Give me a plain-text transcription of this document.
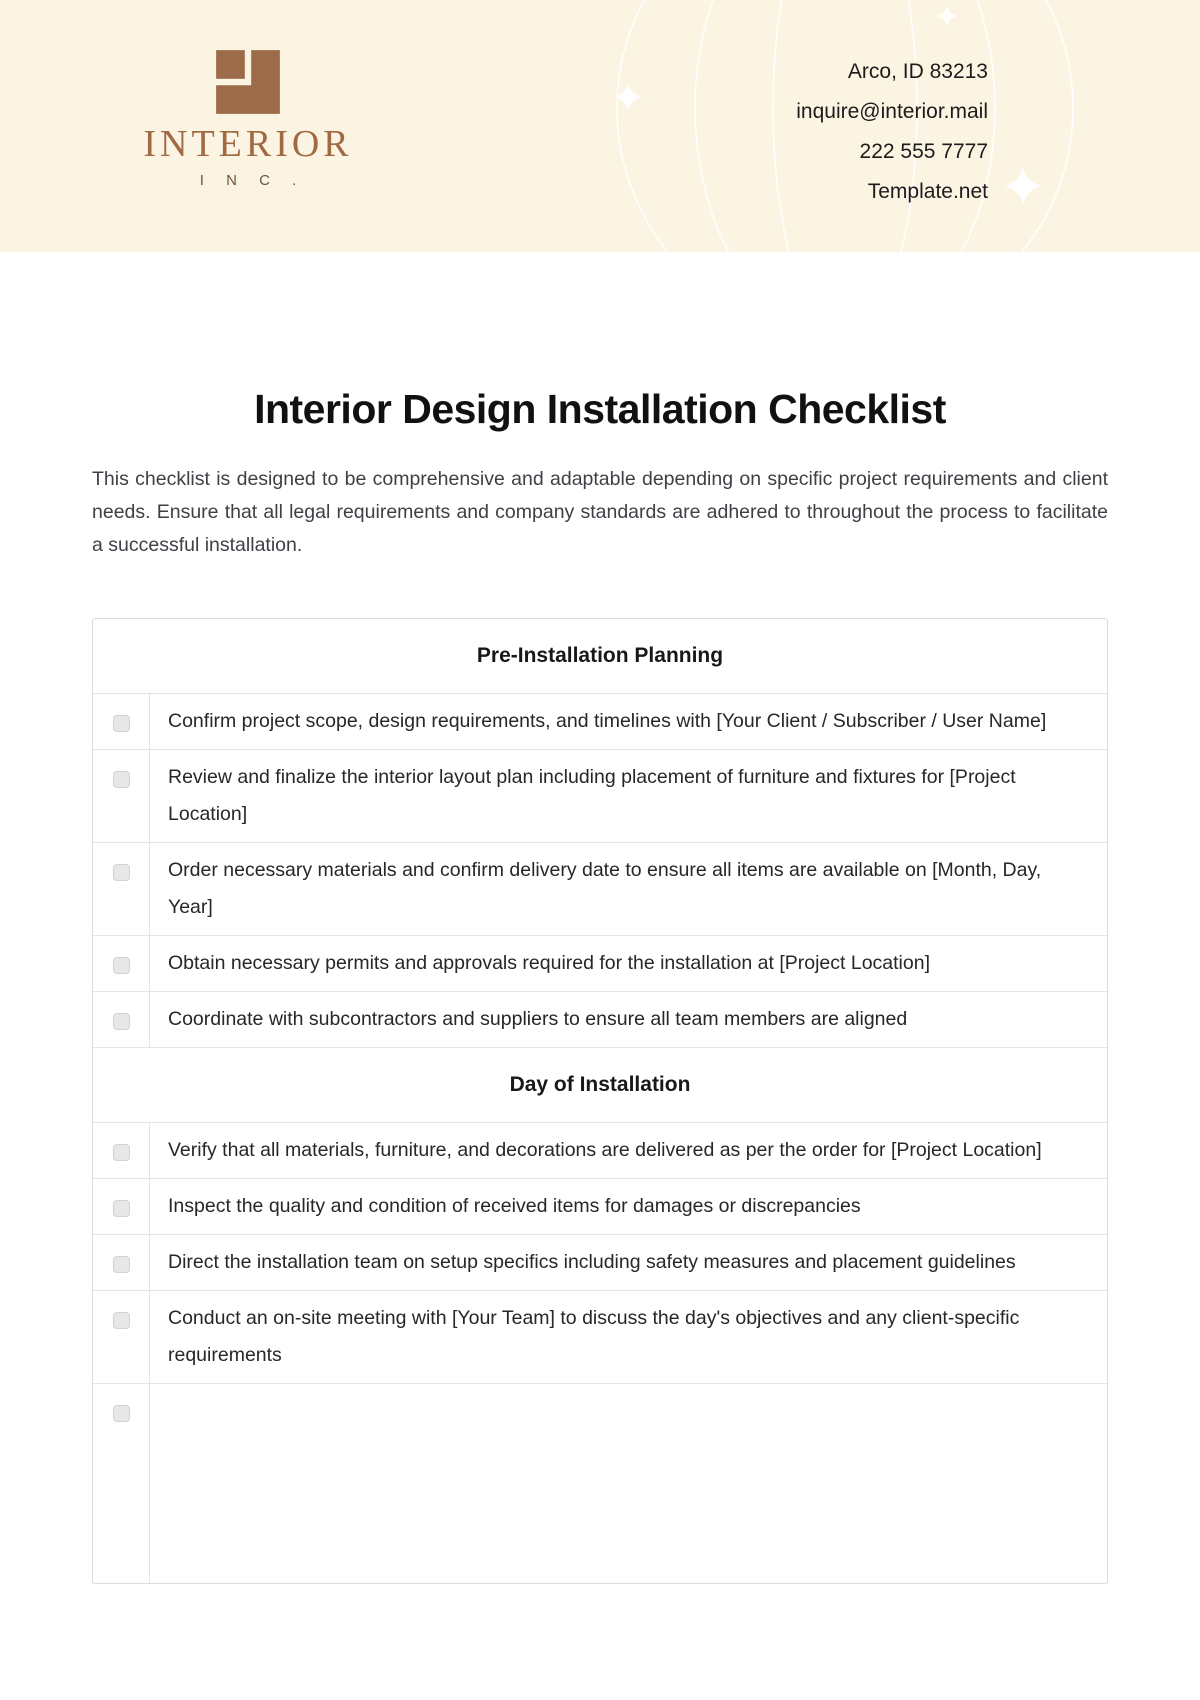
INTERIOR
I N C .
Arco, ID 83213
inquire@interior.mail
222 555 7777
Template.net
Interior Design Installation Checklist

This checklist is designed to be comprehensive and adaptable depending on specific project requirements and client needs. Ensure that all legal requirements and company standards are adhered to throughout the process to facilitate a successful installation.

Pre-Installation Planning
Confirm project scope, design requirements, and timelines with [Your Client / Subscriber / User Name]
Review and finalize the interior layout plan including placement of furniture and fixtures for [Project Location]
Order necessary materials and confirm delivery date to ensure all items are available on [Month, Day, Year]
Obtain necessary permits and approvals required for the installation at [Project Location]
Coordinate with subcontractors and suppliers to ensure all team members are aligned
Day of Installation
Verify that all materials, furniture, and decorations are delivered as per the order for [Project Location]
Inspect the quality and condition of received items for damages or discrepancies
Direct the installation team on setup specifics including safety measures and placement guidelines
Conduct an on-site meeting with [Your Team] to discuss the day's objectives and any client-specific requirements
